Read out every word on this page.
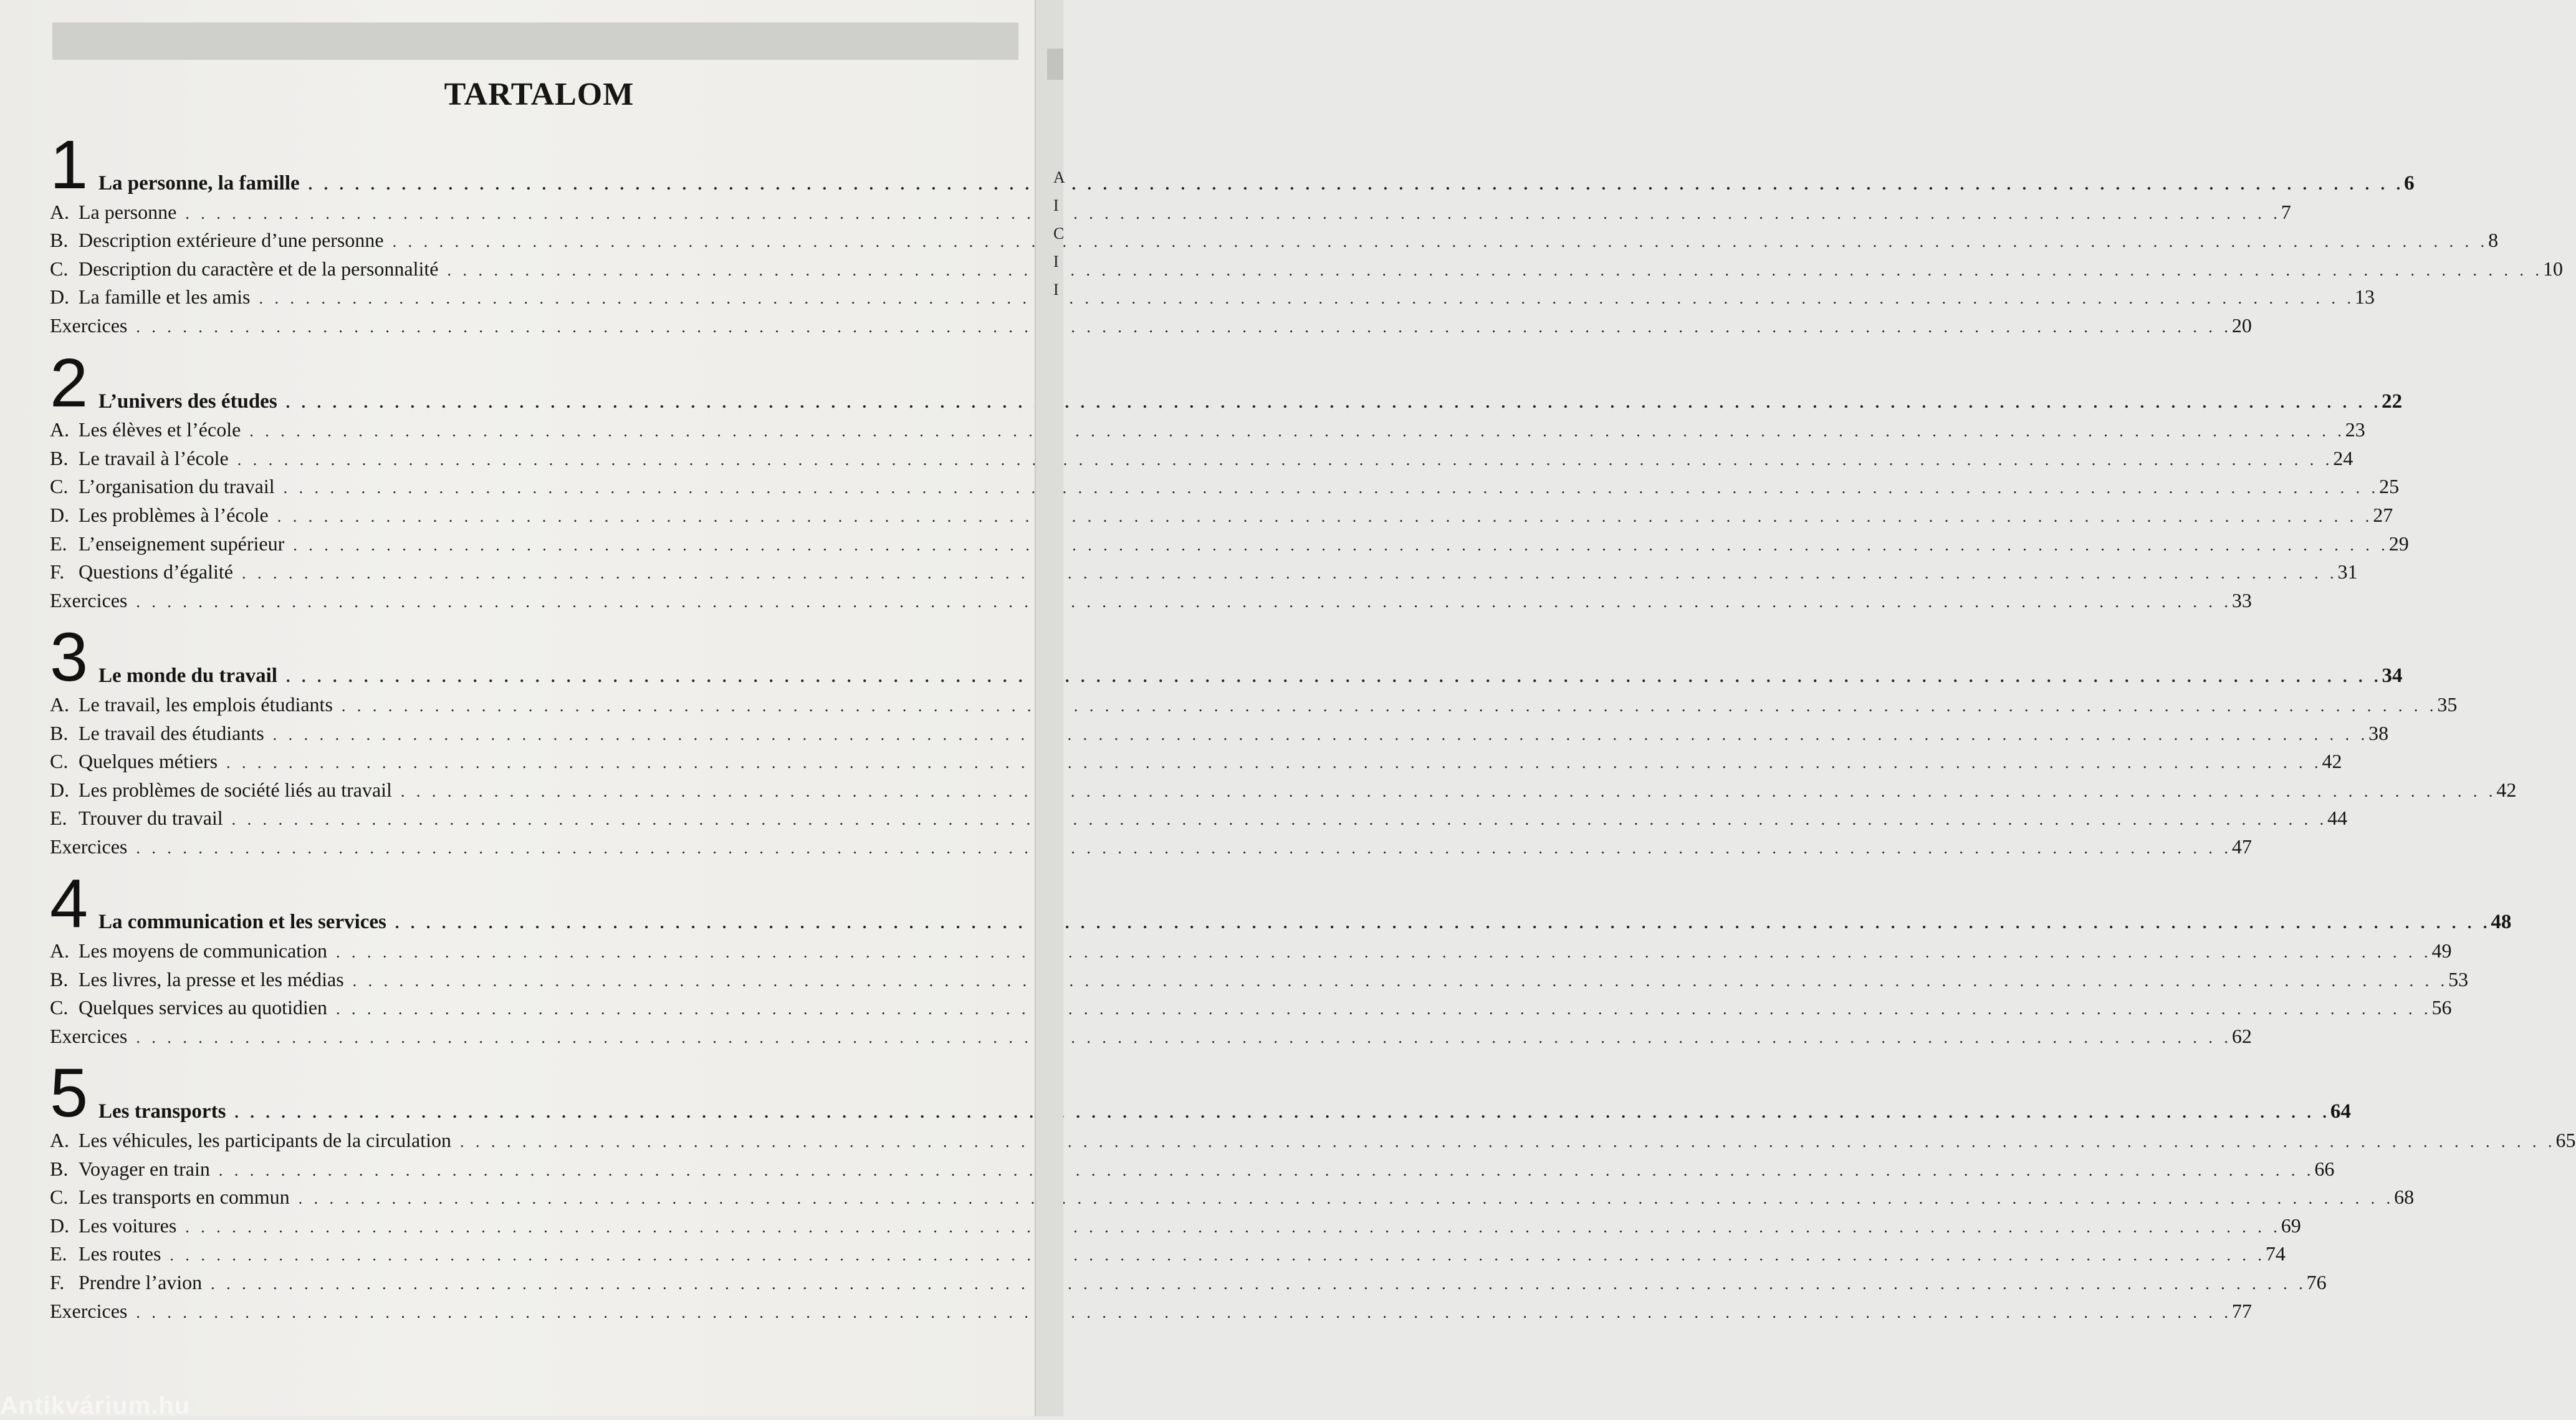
TARTALOM
1 La personne, la famille . . .	6
A. La personne . . .	7
B. Description extérieure d’une personne . . .	8
C. Description du caractère et de la personnalité . . .	10
D. La famille et les amis . . .	13
Exercices . . .	20
2 L’univers des études . . .	22
A. Les élèves et l’école . . .	23
B. Le travail à l’école . . .	24
C. L’organisation du travail . . .	25
D. Les problèmes à l’école . . .	27
E. L’enseignement supérieur . . .	29
F. Questions d’égalité . . .	31
Exercices . . .	33
3 Le monde du travail . . .	34
A. Le travail, les emplois étudiants . . .	35
B. Le travail des étudiants . . .	38
C. Quelques métiers . . .	42
D. Les problèmes de société liés au travail . . .	42
E. Trouver du travail . . .	44
Exercices . . .	47
4 La communication et les services . . .	48
A. Les moyens de communication . . .	49
B. Les livres, la presse et les médias . . .	53
C. Quelques services au quotidien . . .	56
Exercices . . .	62
5 Les transports . . .	64
A. Les véhicules, les participants de la circulation . . .	65
B. Voyager en train . . .	66
C. Les transports en commun . . .	68
D. Les voitures . . .	69
E. Les routes . . .	74
F. Prendre l’avion . . .	76
Exercices . . .	77
Antikvárium.hu
A
I
C
I
I
